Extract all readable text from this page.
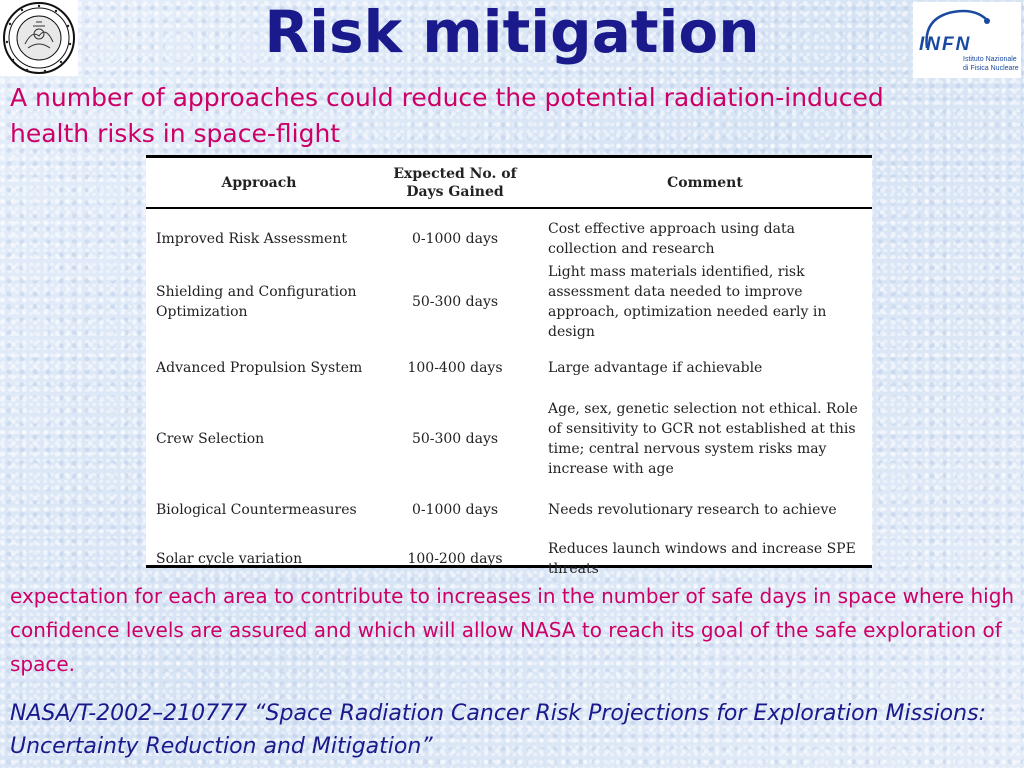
INFN
Istituto Nazionale
di Fisica Nucleare
Risk mitigation
A number of approaches could reduce the potential radiation-induced health risks in space-flight
Approach	Expected No. of Days Gained	Comment
Improved Risk Assessment	0-1000 days	Cost effective approach using data collection and research
Shielding and Configuration Optimization	50-300 days	Light mass materials identified, risk assessment data needed to improve approach, optimization needed early in design
Advanced Propulsion System	100-400 days	Large advantage if achievable
Crew Selection	50-300 days	Age, sex, genetic selection not ethical. Role of sensitivity to GCR not established at this time; central nervous system risks may increase with age
Biological Countermeasures	0-1000 days	Needs revolutionary research to achieve
Solar cycle variation	100-200 days	Reduces launch windows and increase SPE threats
expectation for each area to contribute to increases in the number of safe days in space where high confidence levels are assured and which will allow NASA to reach its goal of the safe exploration of space.
NASA/T-2002–210777 “Space Radiation Cancer Risk Projections for Exploration Missions: Uncertainty Reduction and Mitigation”
